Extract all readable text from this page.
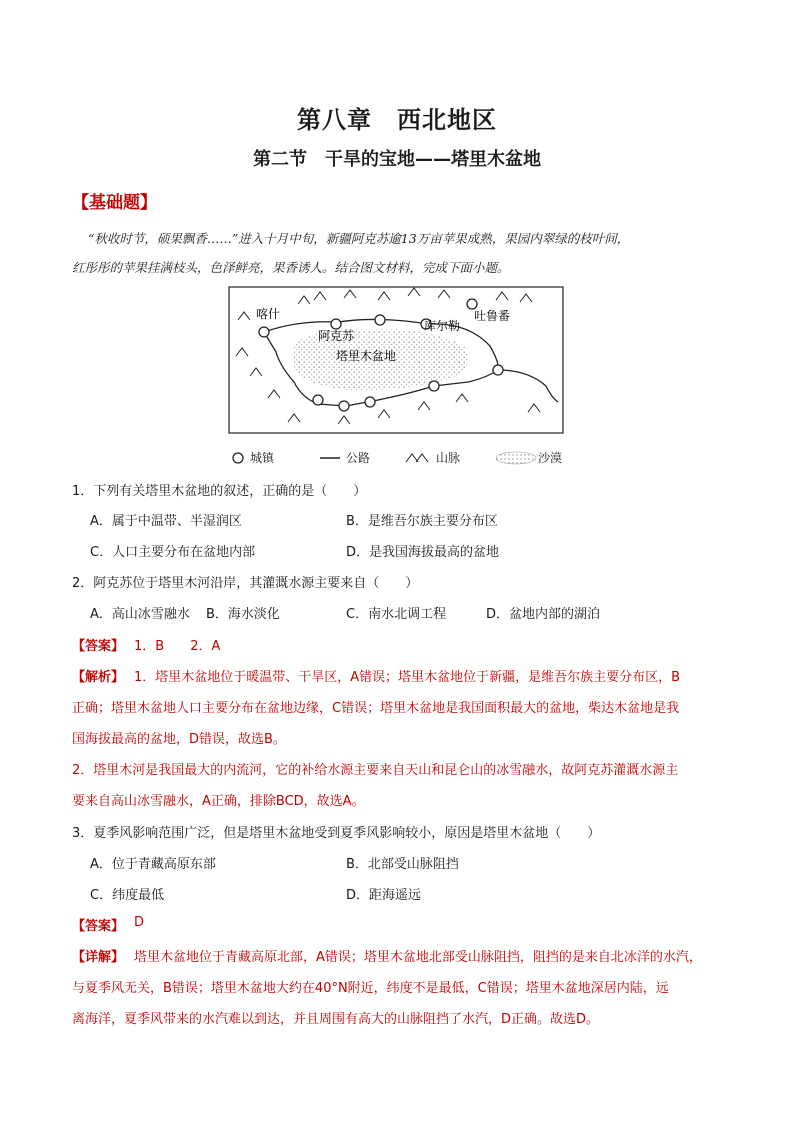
第八章　西北地区
第二节　干旱的宝地——塔里木盆地
【基础题】
“秋收时节，硕果飘香……”进入十月中旬，新疆阿克苏逾13万亩苹果成熟，果园内翠绿的枝叶间，
红彤彤的苹果挂满枝头，色泽鲜亮，果香诱人。结合图文材料，完成下面小题。
喀什
阿克苏
库尔勒
吐鲁番
塔里木盆地
城镇	公路	山脉	沙漠
1．下列有关塔里木盆地的叙述，正确的是（　　）
A．属于中温带、半湿润区	B．是维吾尔族主要分布区
C．人口主要分布在盆地内部	D．是我国海拔最高的盆地
2．阿克苏位于塔里木河沿岸，其灌溉水源主要来自（　　）
A．高山冰雪融水 B．海水淡化	C．南水北调工程	D．盆地内部的湖泊
【答案】 1．B　　2．A
【解析】 1．塔里木盆地位于暖温带、干旱区，A错误；塔里木盆地位于新疆，是维吾尔族主要分布区，B
正确；塔里木盆地人口主要分布在盆地边缘，C错误；塔里木盆地是我国面积最大的盆地，柴达木盆地是我
国海拔最高的盆地，D错误，故选B。
2．塔里木河是我国最大的内流河，它的补给水源主要来自天山和昆仑山的冰雪融水，故阿克苏灌溉水源主
要来自高山冰雪融水，A正确，排除BCD，故选A。
3．夏季风影响范围广泛，但是塔里木盆地受到夏季风影响较小，原因是塔里木盆地（　　）
A．位于青藏高原东部	B．北部受山脉阻挡
C．纬度最低	D．距海遥远
【答案】 D
【详解】 塔里木盆地位于青藏高原北部，A错误；塔里木盆地北部受山脉阻挡，阻挡的是来自北冰洋的水汽，
与夏季风无关，B错误；塔里木盆地大约在40°N附近，纬度不是最低，C错误；塔里木盆地深居内陆，远
离海洋，夏季风带来的水汽难以到达，并且周围有高大的山脉阻挡了水汽，D正确。故选D。
